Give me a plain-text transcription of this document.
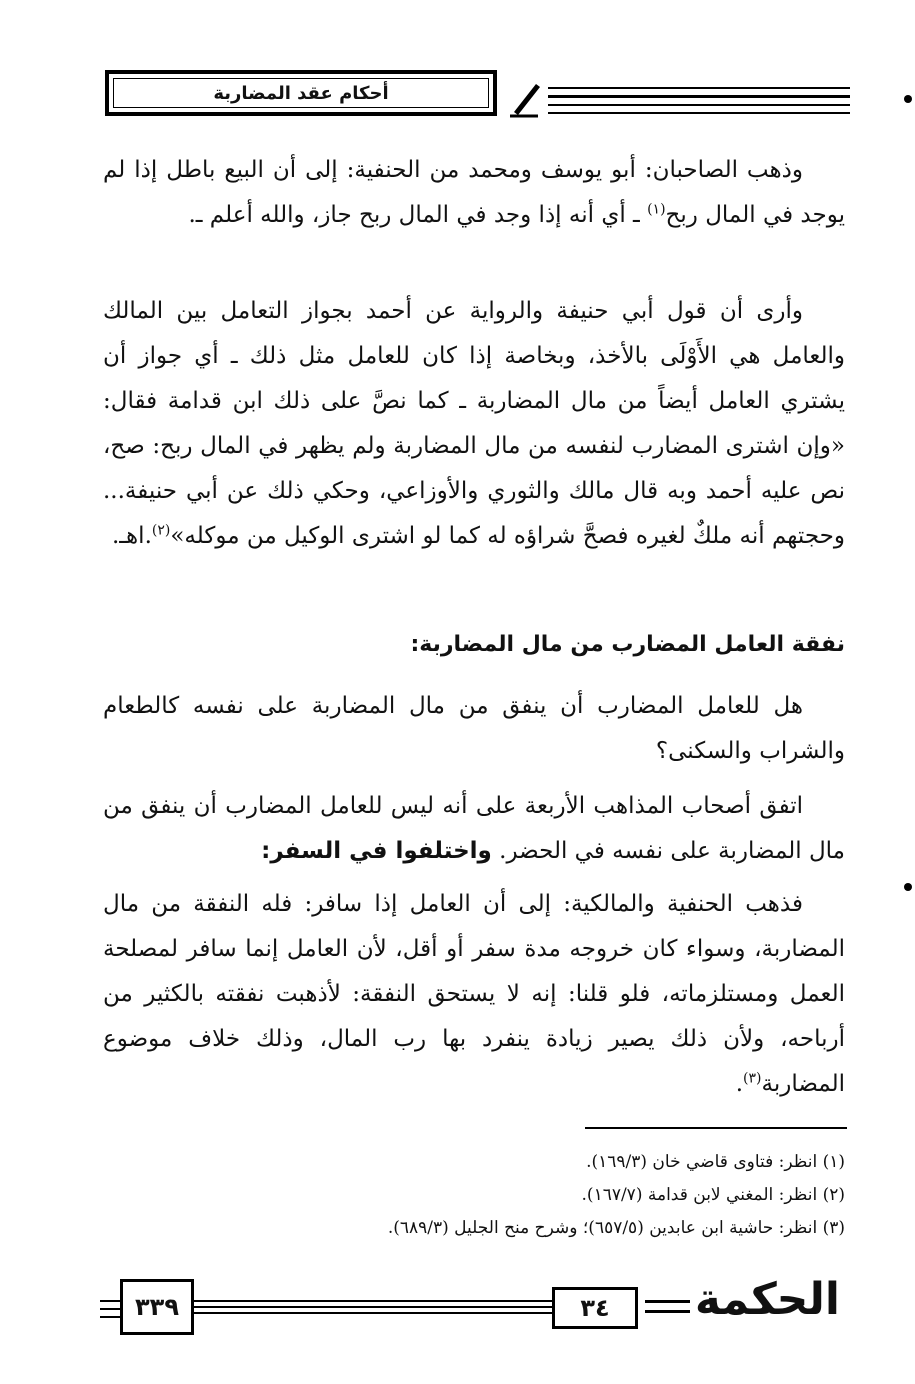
أحكام عقد المضاربة

وذهب الصاحبان: أبو يوسف ومحمد من الحنفية: إلى أن البيع باطل إذا لم يوجد في المال ربح$^{(١)}$ ـ أي أنه إذا وجد في المال ربح جاز، والله أعلم ـ.

وأرى أن قول أبي حنيفة والرواية عن أحمد بجواز التعامل بين المالك والعامل هي الأَوْلَى بالأخذ، وبخاصة إذا كان للعامل مثل ذلك ـ أي جواز أن يشتري العامل أيضاً من مال المضاربة ـ كما نصَّ على ذلك ابن قدامة فقال: «وإن اشترى المضارب لنفسه من مال المضاربة ولم يظهر في المال ربح: صح، نص عليه أحمد وبه قال مالك والثوري والأوزاعي، وحكي ذلك عن أبي حنيفة... وحجتهم أنه ملكٌ لغيره فصحَّ شراؤه له كما لو اشترى الوكيل من موكله»$^{(٢)}$.اهـ.

نفقة العامل المضارب من مال المضاربة:

هل للعامل المضارب أن ينفق من مال المضاربة على نفسه كالطعام والشراب والسكنى؟

اتفق أصحاب المذاهب الأربعة على أنه ليس للعامل المضارب أن ينفق من مال المضاربة على نفسه في الحضر. واختلفوا في السفر:

فذهب الحنفية والمالكية: إلى أن العامل إذا سافر: فله النفقة من مال المضاربة، وسواء كان خروجه مدة سفر أو أقل، لأن العامل إنما سافر لمصلحة العمل ومستلزماته، فلو قلنا: إنه لا يستحق النفقة: لأذهبت نفقته بالكثير من أرباحه، ولأن ذلك يصير زيادة ينفرد بها رب المال، وذلك خلاف موضوع المضاربة$^{(٣)}$.

(١) انظر: فتاوى قاضي خان (١٦٩/٣).

(٢) انظر: المغني لابن قدامة (١٦٧/٧).

(٣) انظر: حاشية ابن عابدين (٦٥٧/٥)؛ وشرح منح الجليل (٦٨٩/٣).

٣٣٩	٣٤	الحكمة
